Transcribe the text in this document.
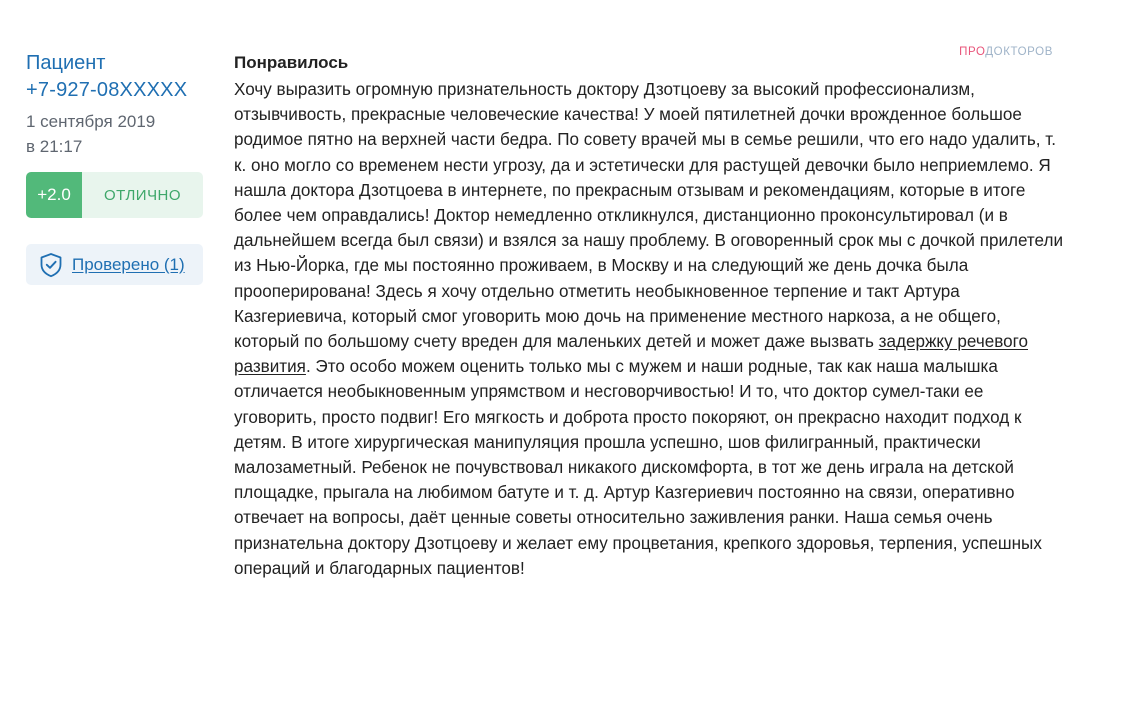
Пациент
+7-927-08XXXXX
1 сентября 2019
в 21:17
+2.0	ОТЛИЧНО
Проверено (1)
ПРОДОКТОРОВ
Понравилось

Хочу выразить огромную признательность доктору Дзотцоеву за высокий профессионализм, отзывчивость, прекрасные человеческие качества! У моей пятилетней дочки врожденное большое родимое пятно на верхней части бедра. По совету врачей мы в семье решили, что его надо удалить, т. к. оно могло со временем нести угрозу, да и эстетически для растущей девочки было неприемлемо. Я нашла доктора Дзотцоева в интернете, по прекрасным отзывам и рекомендациям, которые в итоге более чем оправдались! Доктор немедленно откликнулся, дистанционно проконсультировал (и в дальнейшем всегда был связи) и взялся за нашу проблему. В оговоренный срок мы с дочкой прилетели из Нью-Йорка, где мы постоянно проживаем, в Москву и на следующий же день дочка была прооперирована! Здесь я хочу отдельно отметить необыкновенное терпение и такт Артура Казгериевича, который смог уговорить мою дочь на применение местного наркоза, а не общего, который по большому счету вреден для маленьких детей и может даже вызвать задержку речевого развития. Это особо можем оценить только мы с мужем и наши родные, так как наша малышка отличается необыкновенным упрямством и несговорчивостью! И то, что доктор сумел-таки ее уговорить, просто подвиг! Его мягкость и доброта просто покоряют, он прекрасно находит подход к детям. В итоге хирургическая манипуляция прошла успешно, шов филигранный, практически малозаметный. Ребенок не почувствовал никакого дискомфорта, в тот же день играла на детской площадке, прыгала на любимом батуте и т. д. Артур Казгериевич постоянно на связи, оперативно отвечает на вопросы, даёт ценные советы относительно заживления ранки. Наша семья очень признательна доктору Дзотцоеву и желает ему процветания, крепкого здоровья, терпения, успешных операций и благодарных пациентов!
